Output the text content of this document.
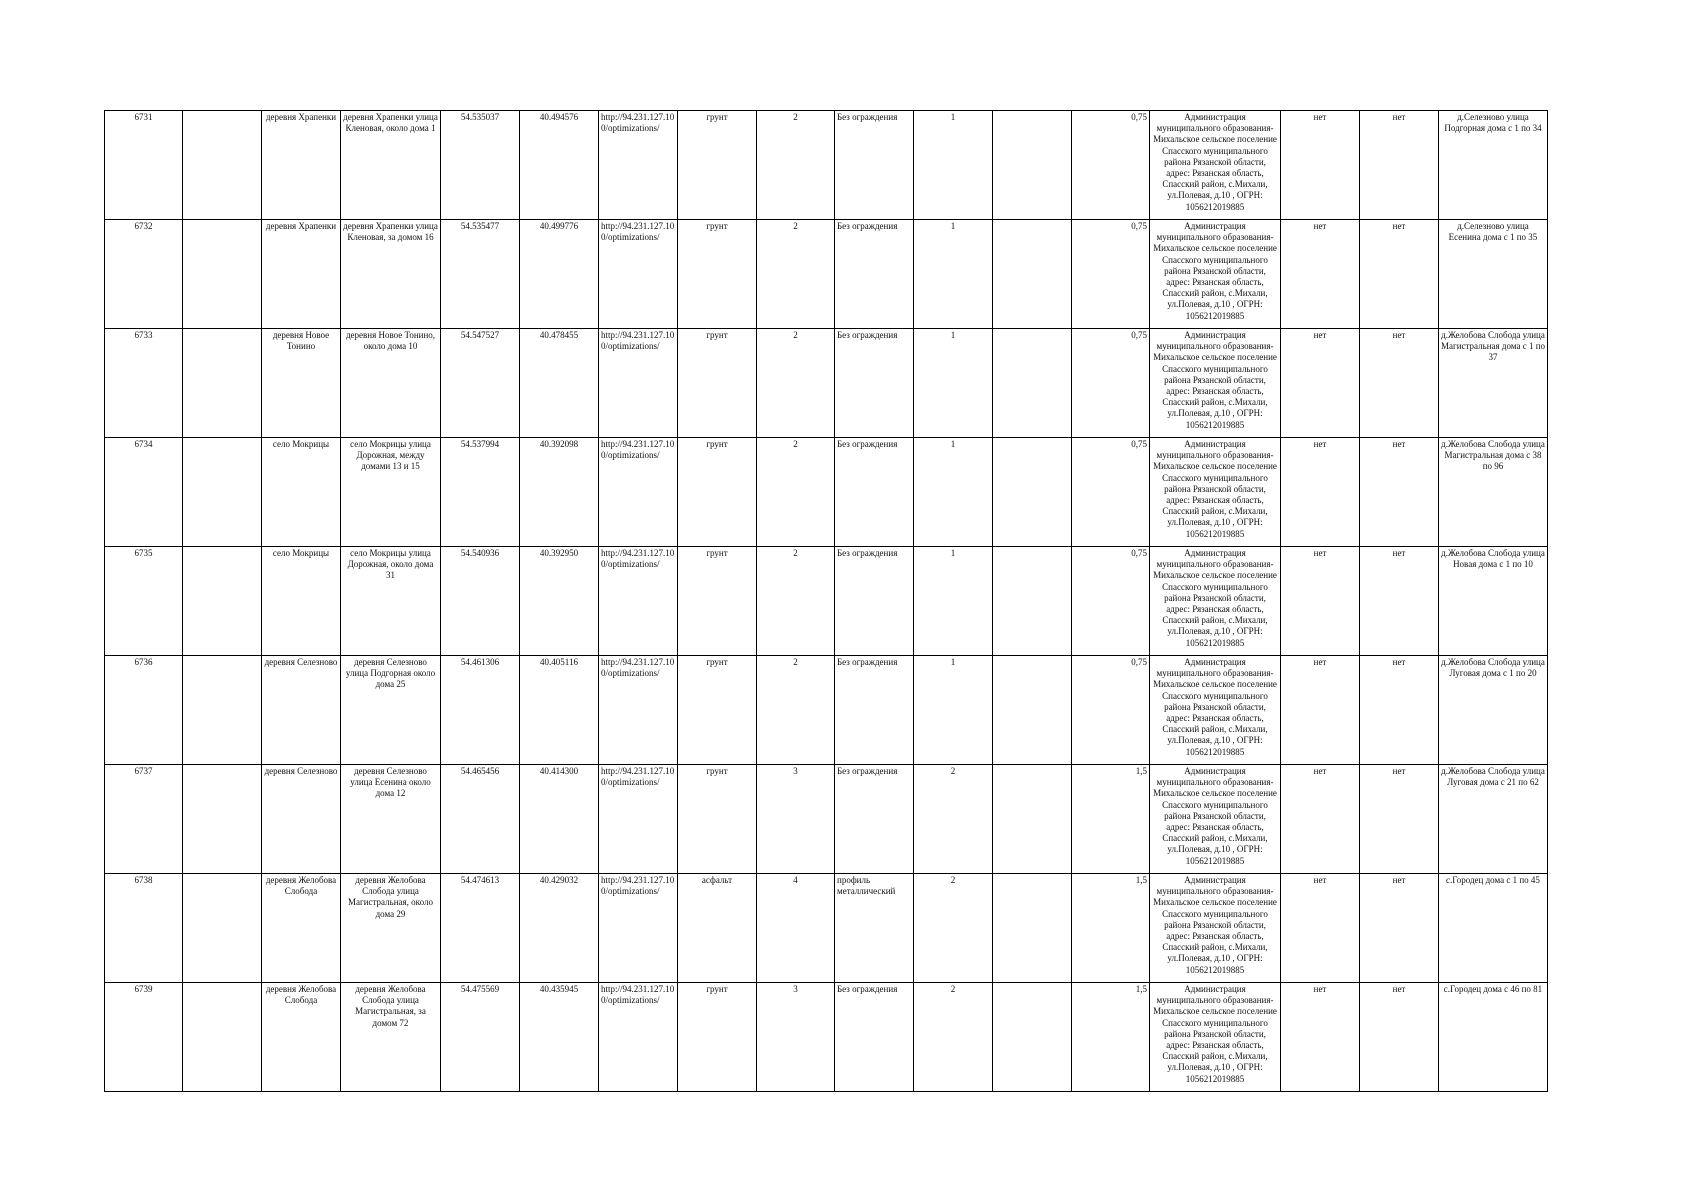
6731		деревня Храпенки	деревня Храпенки улица Кленовая, около дома 1	54.535037	40.494576	http://94.231.127.100/optimizations/	грунт	2	Без ограждения	1		0,75	Администрация муниципального образования-Михальское сельское поселение Спасского муниципального района Рязанской области, адрес: Рязанская область, Спасский район, с.Михали, ул.Полевая, д.10 , ОГРН: 1056212019885	нет	нет	д.Селезново улица Подгорная дома с 1 по 34
6732		деревня Храпенки	деревня Храпенки улица Кленовая, за домом 16	54.535477	40.499776	http://94.231.127.100/optimizations/	грунт	2	Без ограждения	1		0,75	Администрация муниципального образования-Михальское сельское поселение Спасского муниципального района Рязанской области, адрес: Рязанская область, Спасский район, с.Михали, ул.Полевая, д.10 , ОГРН: 1056212019885	нет	нет	д.Селезново улица Есенина дома с 1 по 35
6733		деревня Новое Тонино	деревня Новое Тонино, около дома 10	54.547527	40.478455	http://94.231.127.100/optimizations/	грунт	2	Без ограждения	1		0,75	Администрация муниципального образования-Михальское сельское поселение Спасского муниципального района Рязанской области, адрес: Рязанская область, Спасский район, с.Михали, ул.Полевая, д.10 , ОГРН: 1056212019885	нет	нет	д.Желобова Слобода улица Магистральная дома с 1 по 37
6734		село Мокрицы	село Мокрицы улица Дорожная, между домами 13 и 15	54.537994	40.392098	http://94.231.127.100/optimizations/	грунт	2	Без ограждения	1		0,75	Администрация муниципального образования-Михальское сельское поселение Спасского муниципального района Рязанской области, адрес: Рязанская область, Спасский район, с.Михали, ул.Полевая, д.10 , ОГРН: 1056212019885	нет	нет	д.Желобова Слобода улица Магистральная дома с 38 по 96
6735		село Мокрицы	село Мокрицы улица Дорожная, около дома 31	54.540936	40.392950	http://94.231.127.100/optimizations/	грунт	2	Без ограждения	1		0,75	Администрация муниципального образования-Михальское сельское поселение Спасского муниципального района Рязанской области, адрес: Рязанская область, Спасский район, с.Михали, ул.Полевая, д.10 , ОГРН: 1056212019885	нет	нет	д.Желобова Слобода улица Новая дома с 1 по 10
6736		деревня Селезново	деревня Селезново улица Подгорная около дома 25	54.461306	40.405116	http://94.231.127.100/optimizations/	грунт	2	Без ограждения	1		0,75	Администрация муниципального образования-Михальское сельское поселение Спасского муниципального района Рязанской области, адрес: Рязанская область, Спасский район, с.Михали, ул.Полевая, д.10 , ОГРН: 1056212019885	нет	нет	д.Желобова Слобода улица Луговая дома с 1 по 20
6737		деревня Селезново	деревня Селезново улица Есенина около дома 12	54.465456	40.414300	http://94.231.127.100/optimizations/	грунт	3	Без ограждения	2		1,5	Администрация муниципального образования-Михальское сельское поселение Спасского муниципального района Рязанской области, адрес: Рязанская область, Спасский район, с.Михали, ул.Полевая, д.10 , ОГРН: 1056212019885	нет	нет	д.Желобова Слобода улица Луговая дома с 21 по 62
6738		деревня Желобова Слобода	деревня Желобова Слобода улица Магистральная, около дома 29	54.474613	40.429032	http://94.231.127.100/optimizations/	асфальт	4	профиль металлический	2		1,5	Администрация муниципального образования-Михальское сельское поселение Спасского муниципального района Рязанской области, адрес: Рязанская область, Спасский район, с.Михали, ул.Полевая, д.10 , ОГРН: 1056212019885	нет	нет	с.Городец дома с 1 по 45
6739		деревня Желобова Слобода	деревня Желобова Слобода улица Магистральная, за домом 72	54.475569	40.435945	http://94.231.127.100/optimizations/	грунт	3	Без ограждения	2		1,5	Администрация муниципального образования-Михальское сельское поселение Спасского муниципального района Рязанской области, адрес: Рязанская область, Спасский район, с.Михали, ул.Полевая, д.10 , ОГРН: 1056212019885	нет	нет	с.Городец дома с 46 по 81
